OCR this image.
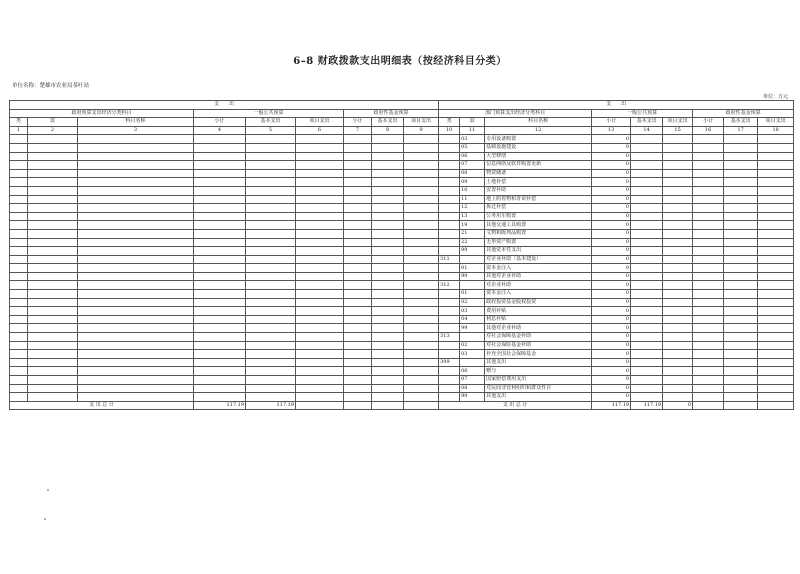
6–8 财政拨款支出明细表（按经济科目分类）
单位名称：楚雄市农业局茶叶站
单位：万元
支　　出									支　　出								
政府预算支出经济分类科目			一般公共预算			政府性基金预算			部门预算支出经济分类科目			一般公共预算			政府性基金预算		

类	款	科目名称	小计	基本支出	项目支出	小计	基本支出	项目支出	类	款	科目名称	小计	基本支出	项目支出	小计	基本支出	项目支出
1	2	3	4	5	6	7	8	9	10	11	12	13	14	15	16	17	18
										03	专用设备购置	0					
										05	基础设施建设	0					
										06	大型修缮	0					
										07	信息网络及软件购置更新	0					
										08	物资储备	0					
										09	土地补偿	0					
										10	安置补助	0					
										11	地上附着物和青苗补偿	0					
										12	拆迁补偿	0					
										13	公务用车购置	0					
										19	其他交通工具购置	0					
										21	文物和陈列品购置	0					
										22	无形资产购置	0					
										99	其他资本性支出	0					
									311		对企业补助（基本建设）	0					
										01	资本金注入	0					
										99	其他对企业补助	0					
									312		对企业补助	0					
										01	资本金注入	0					
										02	政府投资基金股权投资	0					
										03	费用补贴	0					
										04	利息补贴	0					
										99	其他对企业补助	0					
									313		对社会保障基金补助	0					
										02	对社会保险基金补助	0					
										03	补充全国社会保障基金	0					
									399		其他支出	0					
										06	赠与	0					
										07	国家赔偿费用支出	0					
										08	对民间非营利组织和群众性自	0					
										99	其他支出	0					
支 出 总 计			117.19	117.19					支 出 总 计			117.19	117.19	0			
